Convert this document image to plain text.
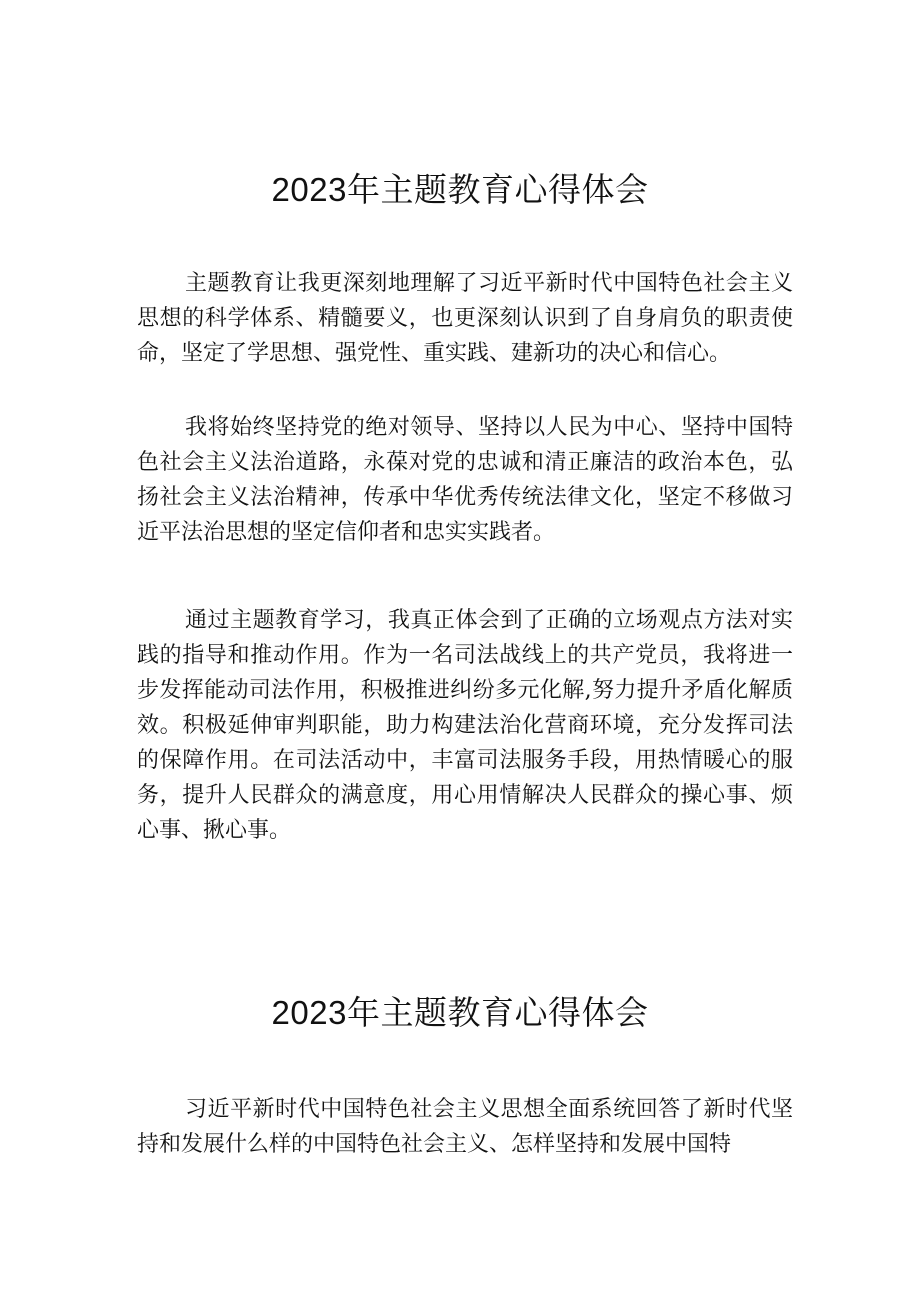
2023年主题教育心得体会

主题教育让我更深刻地理解了习近平新时代中国特色社会主义思想的科学体系、精髓要义，也更深刻认识到了自身肩负的职责使命，坚定了学思想、强党性、重实践、建新功的决心和信心。

我将始终坚持党的绝对领导、坚持以人民为中心、坚持中国特色社会主义法治道路，永葆对党的忠诚和清正廉洁的政治本色，弘扬社会主义法治精神，传承中华优秀传统法律文化，坚定不移做习近平法治思想的坚定信仰者和忠实实践者。

通过主题教育学习，我真正体会到了正确的立场观点方法对实践的指导和推动作用。作为一名司法战线上的共产党员，我将进一步发挥能动司法作用，积极推进纠纷多元化解,努力提升矛盾化解质效。积极延伸审判职能，助力构建法治化营商环境，充分发挥司法的保障作用。在司法活动中，丰富司法服务手段，用热情暖心的服务，提升人民群众的满意度，用心用情解决人民群众的操心事、烦心事、揪心事。

2023年主题教育心得体会

习近平新时代中国特色社会主义思想全面系统回答了新时代坚持和发展什么样的中国特色社会主义、怎样坚持和发展中国特
